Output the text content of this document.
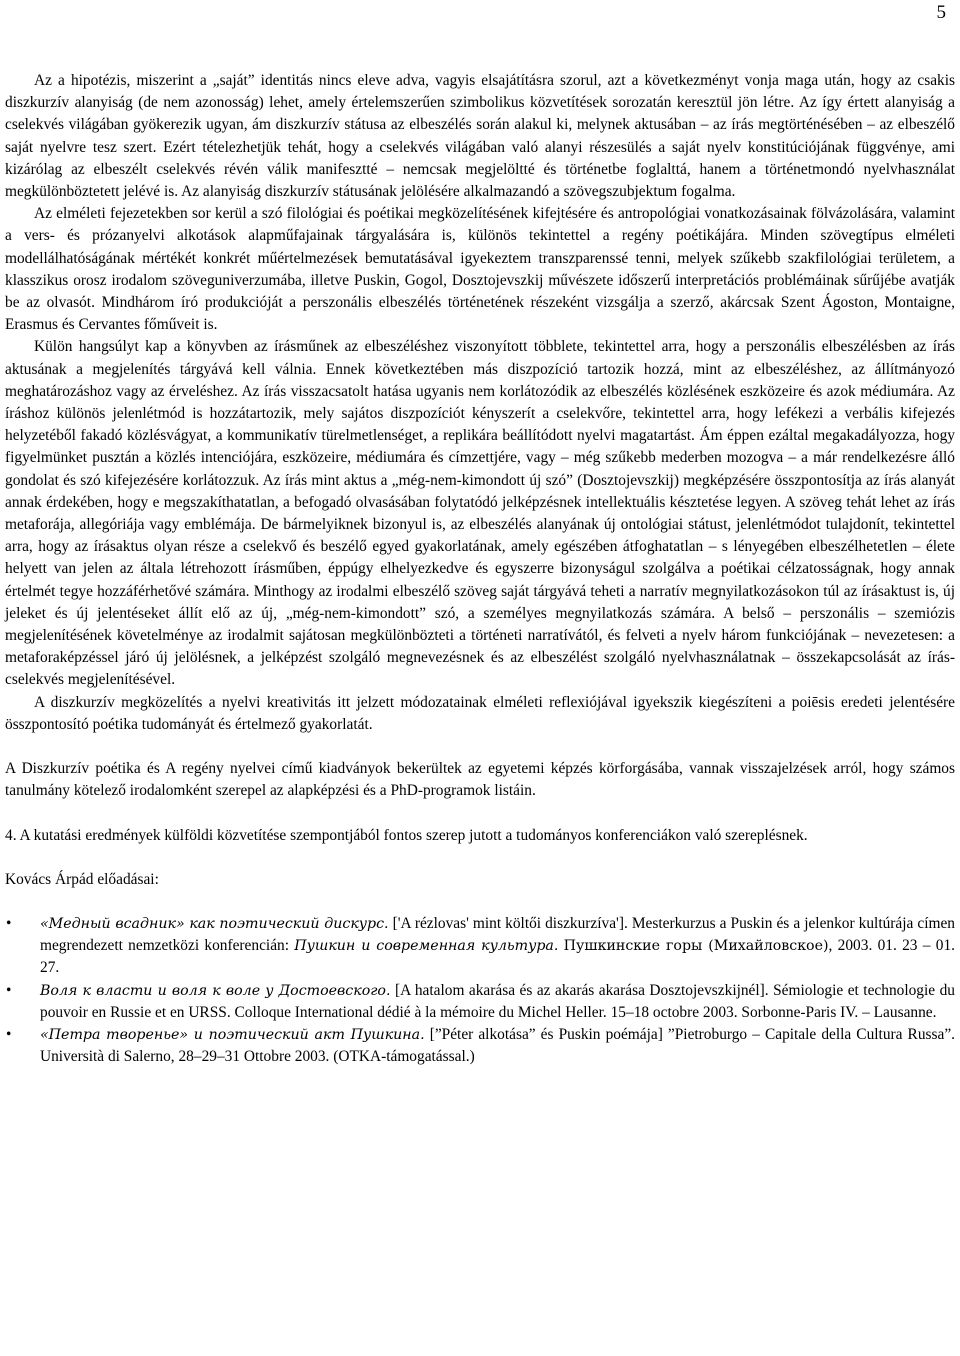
5

Az a hipotézis, miszerint a „saját” identitás nincs eleve adva, vagyis elsajátításra szorul, azt a következményt vonja maga után, hogy az csakis diszkurzív alanyiság (de nem azonosság) lehet, amely értelemszerűen szimbolikus közvetítések sorozatán keresztül jön létre. Az így értett alanyiság a cselekvés világában gyökerezik ugyan, ám diszkurzív státusa az elbeszélés során alakul ki, melynek aktusában – az írás megtörténésében – az elbeszélő saját nyelvre tesz szert. Ezért tételezhetjük tehát, hogy a cselekvés világában való alanyi részesülés a saját nyelv konstitúciójának függvénye, ami kizárólag az elbeszélt cselekvés révén válik manifesztté – nemcsak megjelöltté és történetbe foglalttá, hanem a történetmondó nyelvhasználat megkülönböztetett jelévé is. Az alanyiság diszkurzív státusának jelölésére alkalmazandó a szövegszubjektum fogalma.

Az elméleti fejezetekben sor kerül a szó filológiai és poétikai megközelítésének kifejtésére és antropológiai vonatkozásainak fölvázolására, valamint a vers- és prózanyelvi alkotások alapműfajainak tárgyalására is, különös tekintettel a regény poétikájára. Minden szövegtípus elméleti modellálhatóságának mértékét konkrét műértelmezések bemutatásával igyekeztem transzparenssé tenni, melyek szűkebb szakfilológiai területem, a klasszikus orosz irodalom szöveguniverzumába, illetve Puskin, Gogol, Dosztojevszkij művészete időszerű interpretációs problémáinak sűrűjébe avatják be az olvasót. Mindhárom író produkcióját a perszonális elbeszélés történetének részeként vizsgálja a szerző, akárcsak Szent Ágoston, Montaigne, Erasmus és Cervantes főműveit is.

Külön hangsúlyt kap a könyvben az írásműnek az elbeszéléshez viszonyított többlete, tekintettel arra, hogy a perszonális elbeszélésben az írás aktusának a megjelenítés tárgyává kell válnia. Ennek következtében más diszpozíció tartozik hozzá, mint az elbeszéléshez, az állítmányozó meghatározáshoz vagy az érveléshez. Az írás visszacsatolt hatása ugyanis nem korlátozódik az elbeszélés közlésének eszközeire és azok médiumára. Az íráshoz különös jelenlétmód is hozzátartozik, mely sajátos diszpozíciót kényszerít a cselekvőre, tekintettel arra, hogy lefékezi a verbális kifejezés helyzetéből fakadó közlésvágyat, a kommunikatív türelmetlenséget, a replikára beállítódott nyelvi magatartást. Ám éppen ezáltal megakadályozza, hogy figyelmünket pusztán a közlés intenciójára, eszközeire, médiumára és címzettjére, vagy – még szűkebb mederben mozogva – a már rendelkezésre álló gondolat és szó kifejezésére korlátozzuk. Az írás mint aktus a „még-nem-kimondott új szó” (Dosztojevszkij) megképzésére összpontosítja az írás alanyát annak érdekében, hogy e megszakíthatatlan, a befogadó olvasásában folytatódó jelképzésnek intellektuális késztetése legyen. A szöveg tehát lehet az írás metaforája, allegóriája vagy emblémája. De bármelyiknek bizonyul is, az elbeszélés alanyának új ontológiai státust, jelenlétmódot tulajdonít, tekintettel arra, hogy az írásaktus olyan része a cselekvő és beszélő egyed gyakorlatának, amely egészében átfoghatatlan – s lényegében elbeszélhetetlen – élete helyett van jelen az általa létrehozott írásműben, éppúgy elhelyezkedve és egyszerre bizonyságul szolgálva a poétikai célzatosságnak, hogy annak értelmét tegye hozzáférhetővé számára. Minthogy az irodalmi elbeszélő szöveg saját tárgyává teheti a narratív megnyilatkozásokon túl az írásaktust is, új jeleket és új jelentéseket állít elő az új, „még-nem-kimondott” szó, a személyes megnyilatkozás számára. A belső – perszonális – szemiózis megjelenítésének követelménye az irodalmit sajátosan megkülönbözteti a történeti narratívától, és felveti a nyelv három funkciójának – nevezetesen: a metaforaképzéssel járó új jelölésnek, a jelképzést szolgáló megnevezésnek és az elbeszélést szolgáló nyelvhasználatnak – összekapcsolását az írás-cselekvés megjelenítésével.

A diszkurzív megközelítés a nyelvi kreativitás itt jelzett módozatainak elméleti reflexiójával igyekszik kiegészíteni a poiēsis eredeti jelentésére összpontosító poétika tudományát és értelmező gyakorlatát.

A Diszkurzív poétika és A regény nyelvei című kiadványok bekerültek az egyetemi képzés körforgásába, vannak visszajelzések arról, hogy számos tanulmány kötelező irodalomként szerepel az alapképzési és a PhD-programok listáin.

4. A kutatási eredmények külföldi közvetítése szempontjából fontos szerep jutott a tudományos konferenciákon való szereplésnek.

Kovács Árpád előadásai:

• «Медный всадник» как поэтический дискурс. ['A rézlovas' mint költői diszkurzíva']. Mesterkurzus a Puskin és a jelenkor kultúrája címen megrendezett nemzetközi konferencián: Пушкин и современная культура. Пушкинские горы (Михайловское), 2003. 01. 23 – 01. 27.
• Воля к власти и воля к воле у Достоевского. [A hatalom akarása és az akarás akarása Dosztojevszkijnél]. Sémiologie et technologie du pouvoir en Russie et en URSS. Colloque International dédié à la mémoire du Michel Heller. 15–18 octobre 2003. Sorbonne-Paris IV. – Lausanne.
• «Петра творенье» и поэтический акт Пушкина. [”Péter alkotása” és Puskin poémája] ”Pietroburgo – Capitale della Cultura Russa”. Università di Salerno, 28–29–31 Ottobre 2003. (OTKA-támogatással.)
